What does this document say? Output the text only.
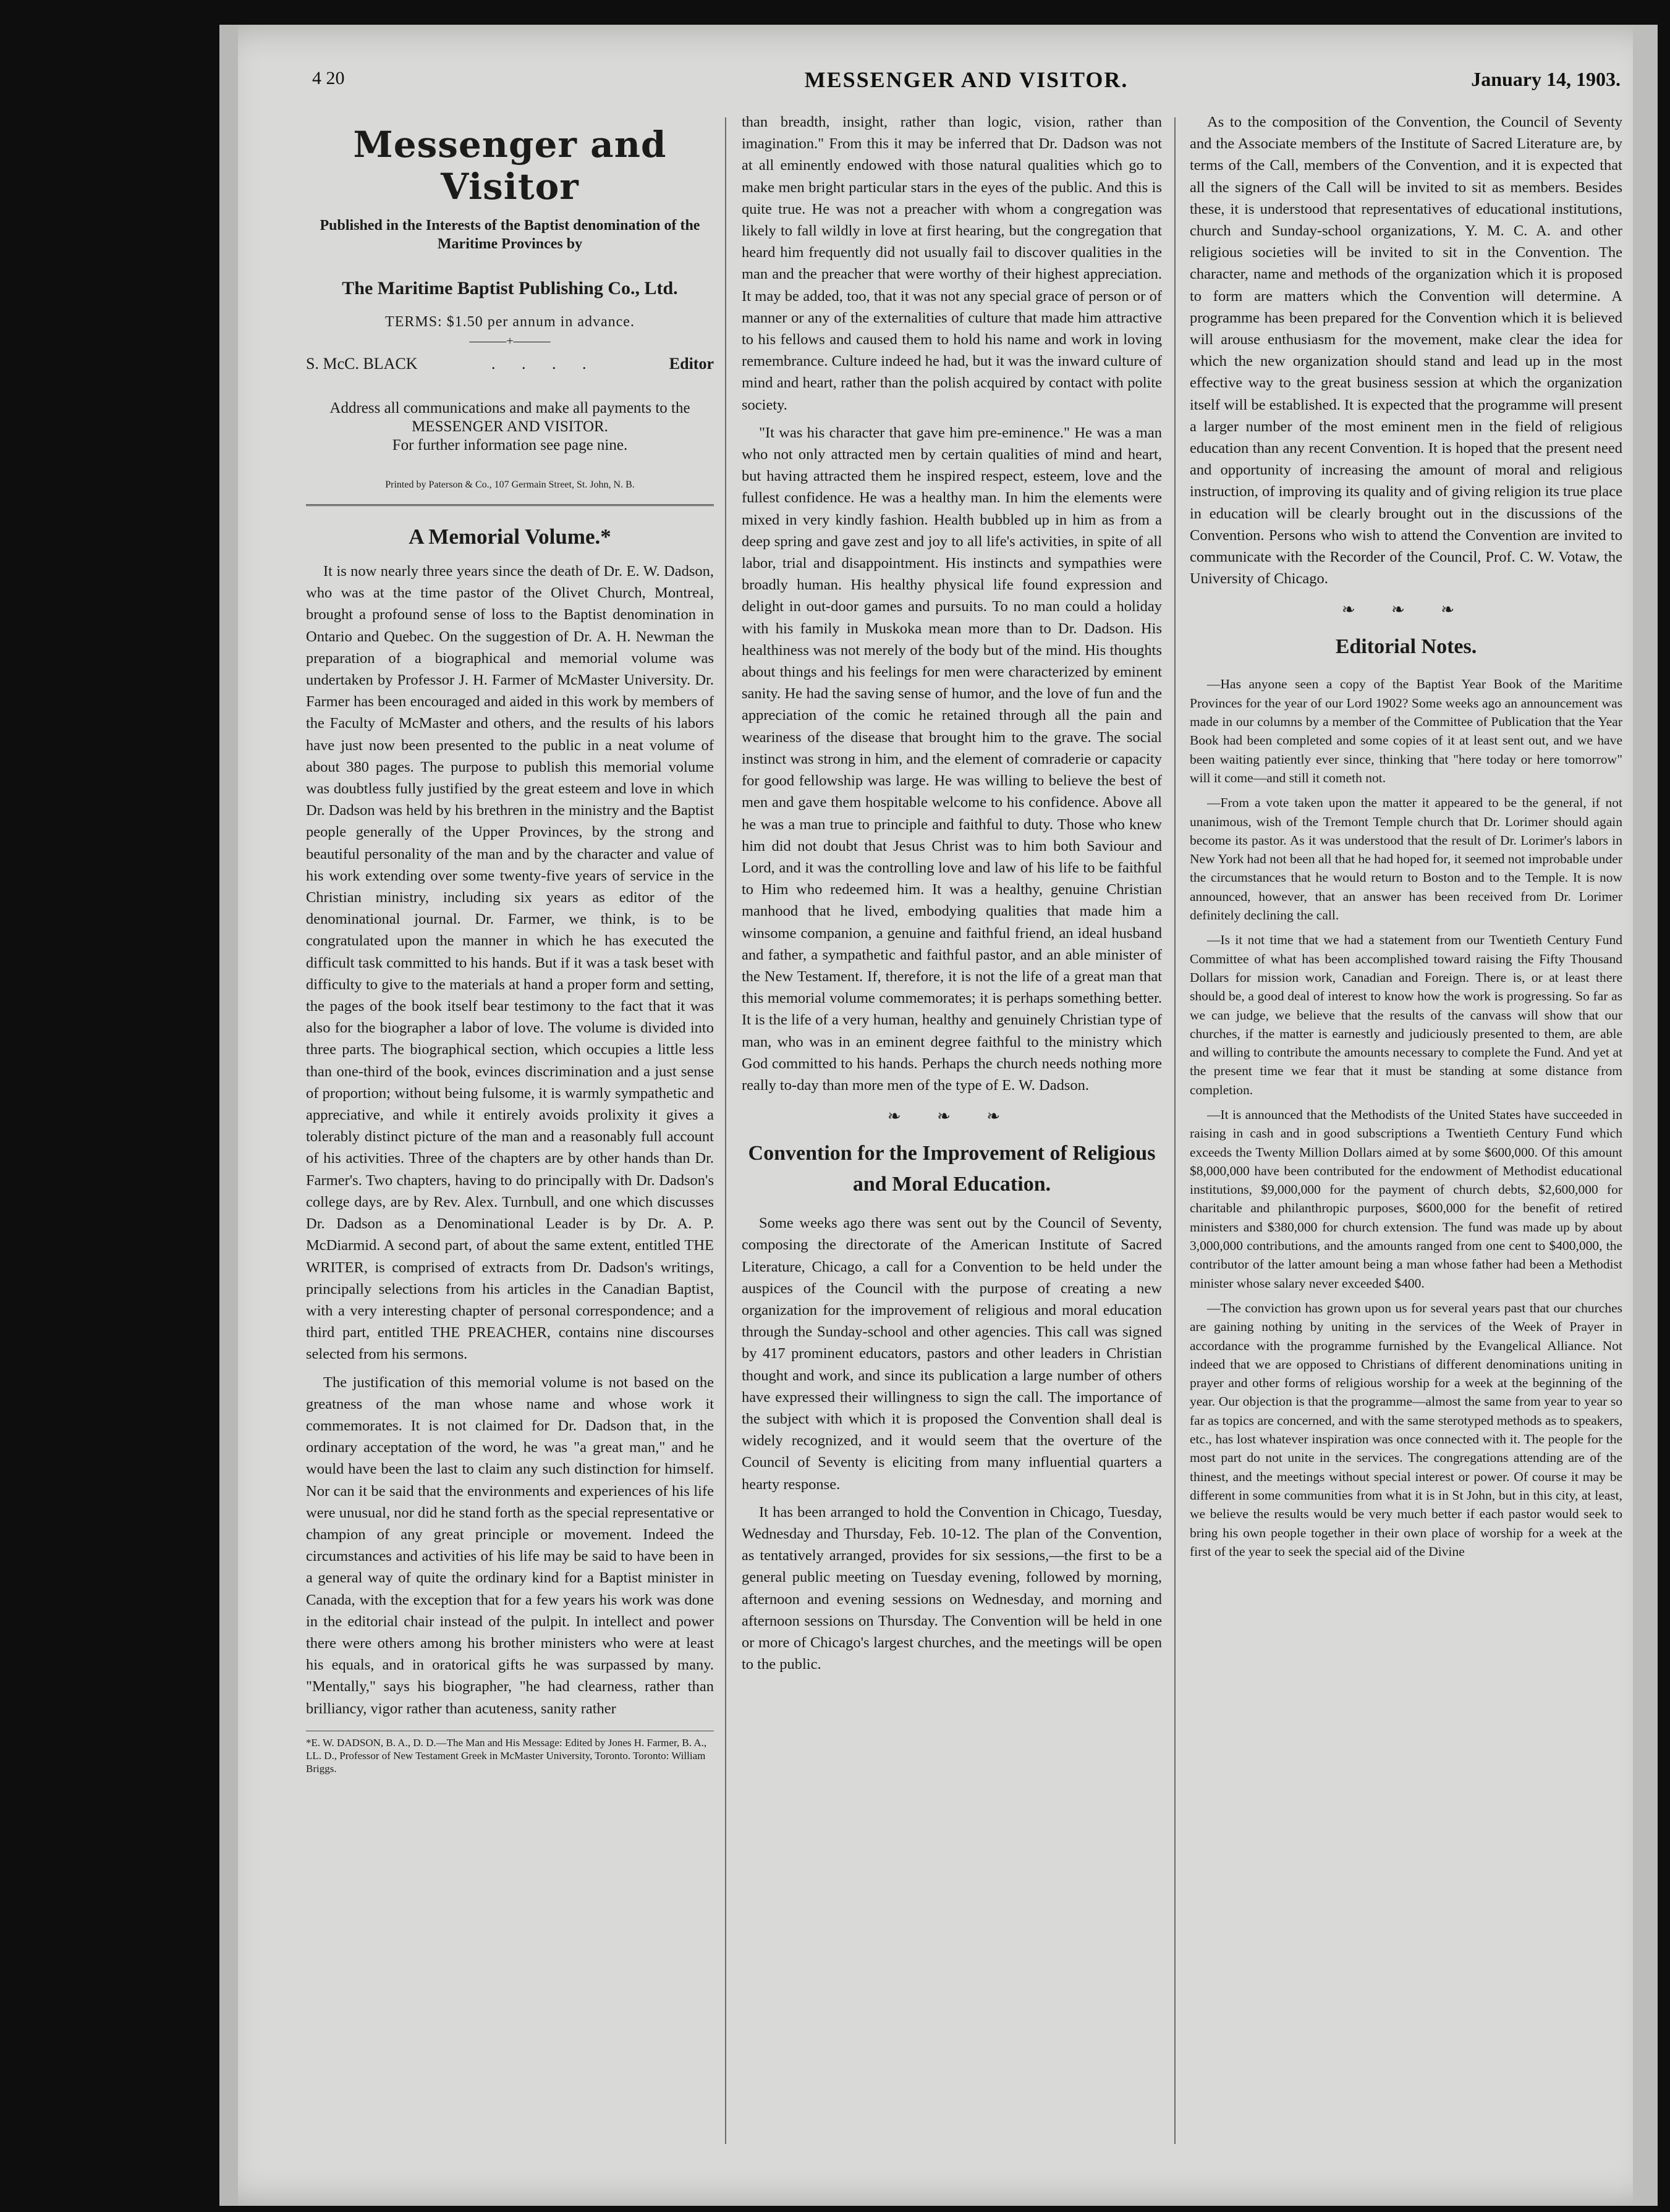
4 20	MESSENGER AND VISITOR.	January 14, 1903.
Messenger and Visitor
Published in the Interests of the Baptist denomination of the Maritime Provinces by
The Maritime Baptist Publishing Co., Ltd.
TERMS: $1.50 per annum in advance.
———+———
S. McC. BLACK	. . . .	Editor
Address all communications and make all payments to the MESSENGER AND VISITOR.
For further information see page nine.
Printed by Paterson & Co., 107 Germain Street, St. John, N. B.
A Memorial Volume.*

It is now nearly three years since the death of Dr. E. W. Dadson, who was at the time pastor of the Olivet Church, Montreal, brought a profound sense of loss to the Baptist denomination in Ontario and Quebec. On the suggestion of Dr. A. H. Newman the preparation of a biographical and memorial volume was undertaken by Professor J. H. Farmer of McMaster University. Dr. Farmer has been encouraged and aided in this work by members of the Faculty of McMaster and others, and the results of his labors have just now been presented to the public in a neat volume of about 380 pages. The purpose to publish this memorial volume was doubtless fully justified by the great esteem and love in which Dr. Dadson was held by his brethren in the ministry and the Baptist people generally of the Upper Provinces, by the strong and beautiful personality of the man and by the character and value of his work extending over some twenty-five years of service in the Christian ministry, including six years as editor of the denominational journal. Dr. Farmer, we think, is to be congratulated upon the manner in which he has executed the difficult task committed to his hands. But if it was a task beset with difficulty to give to the materials at hand a proper form and setting, the pages of the book itself bear testimony to the fact that it was also for the biographer a labor of love. The volume is divided into three parts. The biographical section, which occupies a little less than one-third of the book, evinces discrimination and a just sense of proportion; without being fulsome, it is warmly sympathetic and appreciative, and while it entirely avoids prolixity it gives a tolerably distinct picture of the man and a reasonably full account of his activities. Three of the chapters are by other hands than Dr. Farmer's. Two chapters, having to do principally with Dr. Dadson's college days, are by Rev. Alex. Turnbull, and one which discusses Dr. Dadson as a Denominational Leader is by Dr. A. P. McDiarmid. A second part, of about the same extent, entitled THE WRITER, is comprised of extracts from Dr. Dadson's writings, principally selections from his articles in the Canadian Baptist, with a very interesting chapter of personal correspondence; and a third part, entitled THE PREACHER, contains nine discourses selected from his sermons.

The justification of this memorial volume is not based on the greatness of the man whose name and whose work it commemorates. It is not claimed for Dr. Dadson that, in the ordinary acceptation of the word, he was "a great man," and he would have been the last to claim any such distinction for himself. Nor can it be said that the environments and experiences of his life were unusual, nor did he stand forth as the special representative or champion of any great principle or movement. Indeed the circumstances and activities of his life may be said to have been in a general way of quite the ordinary kind for a Baptist minister in Canada, with the exception that for a few years his work was done in the editorial chair instead of the pulpit. In intellect and power there were others among his brother ministers who were at least his equals, and in oratorical gifts he was surpassed by many. "Mentally," says his biographer, "he had clearness, rather than brilliancy, vigor rather than acuteness, sanity rather

*E. W. DADSON, B. A., D. D.—The Man and His Message: Edited by Jones H. Farmer, B. A., LL. D., Professor of New Testament Greek in McMaster University, Toronto. Toronto: William Briggs.

than breadth, insight, rather than logic, vision, rather than imagination." From this it may be inferred that Dr. Dadson was not at all eminently endowed with those natural qualities which go to make men bright particular stars in the eyes of the public. And this is quite true. He was not a preacher with whom a congregation was likely to fall wildly in love at first hearing, but the congregation that heard him frequently did not usually fail to discover qualities in the man and the preacher that were worthy of their highest appreciation. It may be added, too, that it was not any special grace of person or of manner or any of the externalities of culture that made him attractive to his fellows and caused them to hold his name and work in loving remembrance. Culture indeed he had, but it was the inward culture of mind and heart, rather than the polish acquired by contact with polite society.

"It was his character that gave him pre-eminence." He was a man who not only attracted men by certain qualities of mind and heart, but having attracted them he inspired respect, esteem, love and the fullest confidence. He was a healthy man. In him the elements were mixed in very kindly fashion. Health bubbled up in him as from a deep spring and gave zest and joy to all life's activities, in spite of all labor, trial and disappointment. His instincts and sympathies were broadly human. His healthy physical life found expression and delight in out-door games and pursuits. To no man could a holiday with his family in Muskoka mean more than to Dr. Dadson. His healthiness was not merely of the body but of the mind. His thoughts about things and his feelings for men were characterized by eminent sanity. He had the saving sense of humor, and the love of fun and the appreciation of the comic he retained through all the pain and weariness of the disease that brought him to the grave. The social instinct was strong in him, and the element of comraderie or capacity for good fellowship was large. He was willing to believe the best of men and gave them hospitable welcome to his confidence. Above all he was a man true to principle and faithful to duty. Those who knew him did not doubt that Jesus Christ was to him both Saviour and Lord, and it was the controlling love and law of his life to be faithful to Him who redeemed him. It was a healthy, genuine Christian manhood that he lived, embodying qualities that made him a winsome companion, a genuine and faithful friend, an ideal husband and father, a sympathetic and faithful pastor, and an able minister of the New Testament. If, therefore, it is not the life of a great man that this memorial volume commemorates; it is perhaps something better. It is the life of a very human, healthy and genuinely Christian type of man, who was in an eminent degree faithful to the ministry which God committed to his hands. Perhaps the church needs nothing more really to-day than more men of the type of E. W. Dadson.

❧ ❧ ❧
Convention for the Improvement of Religious and Moral Education.

Some weeks ago there was sent out by the Council of Seventy, composing the directorate of the American Institute of Sacred Literature, Chicago, a call for a Convention to be held under the auspices of the Council with the purpose of creating a new organization for the improvement of religious and moral education through the Sunday-school and other agencies. This call was signed by 417 prominent educators, pastors and other leaders in Christian thought and work, and since its publication a large number of others have expressed their willingness to sign the call. The importance of the subject with which it is proposed the Convention shall deal is widely recognized, and it would seem that the overture of the Council of Seventy is eliciting from many influential quarters a hearty response.

It has been arranged to hold the Convention in Chicago, Tuesday, Wednesday and Thursday, Feb. 10-12. The plan of the Convention, as tentatively arranged, provides for six sessions,—the first to be a general public meeting on Tuesday evening, followed by morning, afternoon and evening sessions on Wednesday, and morning and afternoon sessions on Thursday. The Convention will be held in one or more of Chicago's largest churches, and the meetings will be open to the public.

As to the composition of the Convention, the Council of Seventy and the Associate members of the Institute of Sacred Literature are, by terms of the Call, members of the Convention, and it is expected that all the signers of the Call will be invited to sit as members. Besides these, it is understood that representatives of educational institutions, church and Sunday-school organizations, Y. M. C. A. and other religious societies will be invited to sit in the Convention. The character, name and methods of the organization which it is proposed to form are matters which the Convention will determine. A programme has been prepared for the Convention which it is believed will arouse enthusiasm for the movement, make clear the idea for which the new organization should stand and lead up in the most effective way to the great business session at which the organization itself will be established. It is expected that the programme will present a larger number of the most eminent men in the field of religious education than any recent Convention. It is hoped that the present need and opportunity of increasing the amount of moral and religious instruction, of improving its quality and of giving religion its true place in education will be clearly brought out in the discussions of the Convention. Persons who wish to attend the Convention are invited to communicate with the Recorder of the Council, Prof. C. W. Votaw, the University of Chicago.

❧ ❧ ❧
Editorial Notes.

—Has anyone seen a copy of the Baptist Year Book of the Maritime Provinces for the year of our Lord 1902? Some weeks ago an announcement was made in our columns by a member of the Committee of Publication that the Year Book had been completed and some copies of it at least sent out, and we have been waiting patiently ever since, thinking that "here today or here tomorrow" will it come—and still it cometh not.

—From a vote taken upon the matter it appeared to be the general, if not unanimous, wish of the Tremont Temple church that Dr. Lorimer should again become its pastor. As it was understood that the result of Dr. Lorimer's labors in New York had not been all that he had hoped for, it seemed not improbable under the circumstances that he would return to Boston and to the Temple. It is now announced, however, that an answer has been received from Dr. Lorimer definitely declining the call.

—Is it not time that we had a statement from our Twentieth Century Fund Committee of what has been accomplished toward raising the Fifty Thousand Dollars for mission work, Canadian and Foreign. There is, or at least there should be, a good deal of interest to know how the work is progressing. So far as we can judge, we believe that the results of the canvass will show that our churches, if the matter is earnestly and judiciously presented to them, are able and willing to contribute the amounts necessary to complete the Fund. And yet at the present time we fear that it must be standing at some distance from completion.

—It is announced that the Methodists of the United States have succeeded in raising in cash and in good subscriptions a Twentieth Century Fund which exceeds the Twenty Million Dollars aimed at by some $600,000. Of this amount $8,000,000 have been contributed for the endowment of Methodist educational institutions, $9,000,000 for the payment of church debts, $2,600,000 for charitable and philanthropic purposes, $600,000 for the benefit of retired ministers and $380,000 for church extension. The fund was made up by about 3,000,000 contributions, and the amounts ranged from one cent to $400,000, the contributor of the latter amount being a man whose father had been a Methodist minister whose salary never exceeded $400.

—The conviction has grown upon us for several years past that our churches are gaining nothing by uniting in the services of the Week of Prayer in accordance with the programme furnished by the Evangelical Alliance. Not indeed that we are opposed to Christians of different denominations uniting in prayer and other forms of religious worship for a week at the beginning of the year. Our objection is that the programme—almost the same from year to year so far as topics are concerned, and with the same sterotyped methods as to speakers, etc., has lost whatever inspiration was once connected with it. The people for the most part do not unite in the services. The congregations attending are of the thinest, and the meetings without special interest or power. Of course it may be different in some communities from what it is in St John, but in this city, at least, we believe the results would be very much better if each pastor would seek to bring his own people together in their own place of worship for a week at the first of the year to seek the special aid of the Divine
